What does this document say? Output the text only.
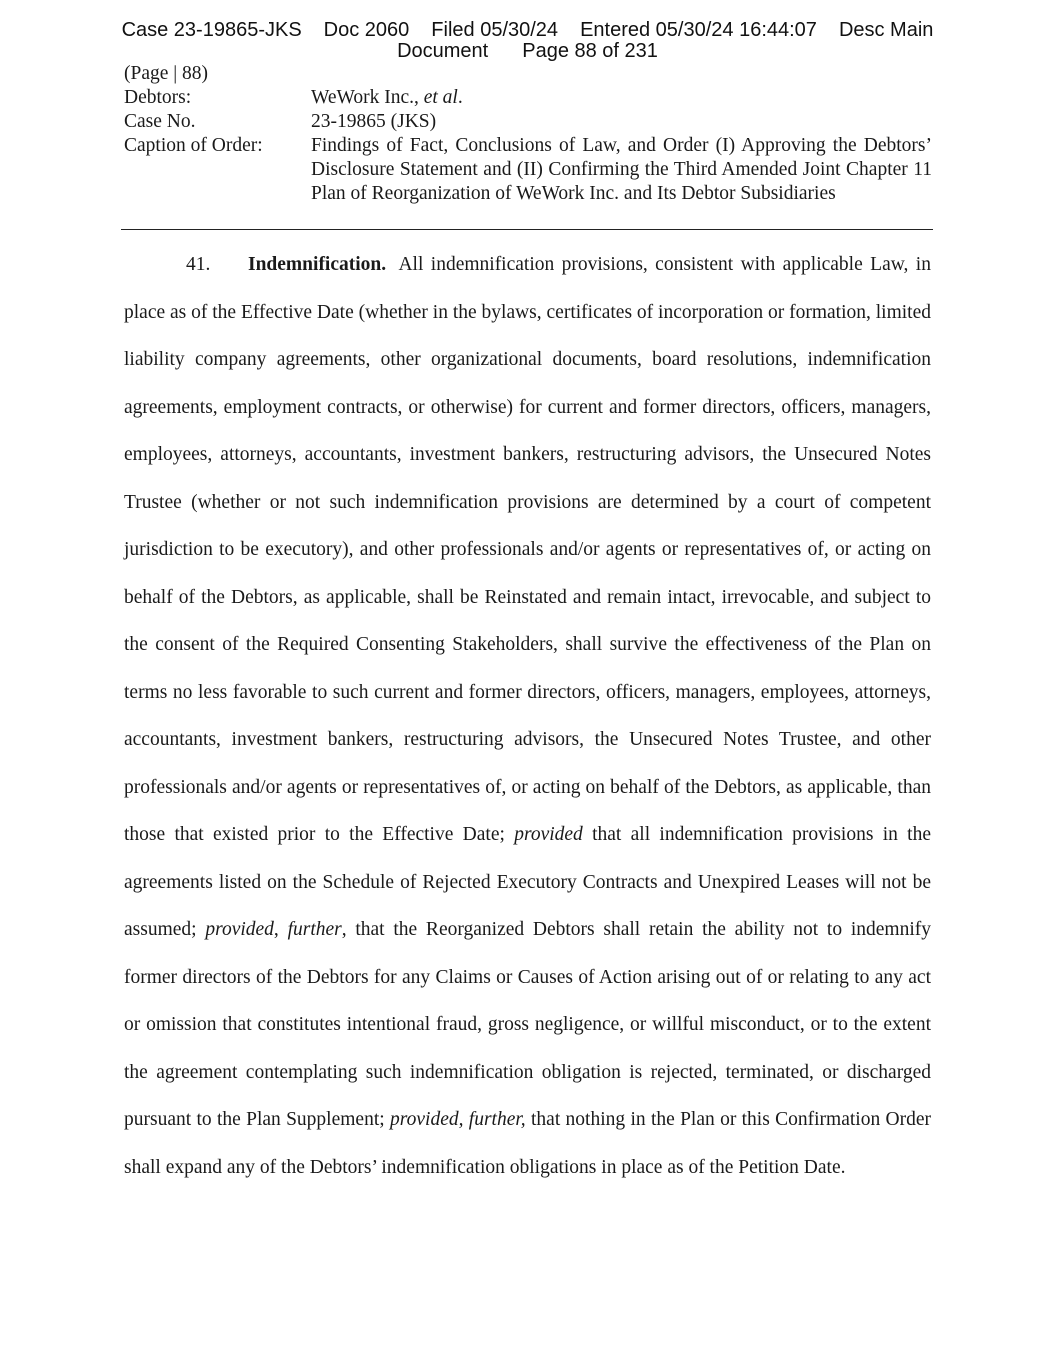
Case 23-19865-JKS Doc 2060 Filed 05/30/24 Entered 05/30/24 16:44:07 Desc Main
Document Page 88 of 231
(Page | 88)
Debtors:	WeWork Inc., et al.
Case No.	23-19865 (JKS)
Caption of Order:	Findings of Fact, Conclusions of Law, and Order (I) Approving the Debtors’ Disclosure Statement and (II) Confirming the Third Amended Joint Chapter 11 Plan of Reorganization of WeWork Inc. and Its Debtor Subsidiaries
41. Indemnification. All indemnification provisions, consistent with applicable Law, in place as of the Effective Date (whether in the bylaws, certificates of incorporation or formation, limited liability company agreements, other organizational documents, board resolutions, indemnification agreements, employment contracts, or otherwise) for current and former directors, officers, managers, employees, attorneys, accountants, investment bankers, restructuring advisors, the Unsecured Notes Trustee (whether or not such indemnification provisions are determined by a court of competent jurisdiction to be executory), and other professionals and/or agents or representatives of, or acting on behalf of the Debtors, as applicable, shall be Reinstated and remain intact, irrevocable, and subject to the consent of the Required Consenting Stakeholders, shall survive the effectiveness of the Plan on terms no less favorable to such current and former directors, officers, managers, employees, attorneys, accountants, investment bankers, restructuring advisors, the Unsecured Notes Trustee, and other professionals and/or agents or representatives of, or acting on behalf of the Debtors, as applicable, than those that existed prior to the Effective Date; provided that all indemnification provisions in the agreements listed on the Schedule of Rejected Executory Contracts and Unexpired Leases will not be assumed; provided, further, that the Reorganized Debtors shall retain the ability not to indemnify former directors of the Debtors for any Claims or Causes of Action arising out of or relating to any act or omission that constitutes intentional fraud, gross negligence, or willful misconduct, or to the extent the agreement contemplating such indemnification obligation is rejected, terminated, or discharged pursuant to the Plan Supplement; provided, further, that nothing in the Plan or this Confirmation Order shall expand any of the Debtors’ indemnification obligations in place as of the Petition Date.
